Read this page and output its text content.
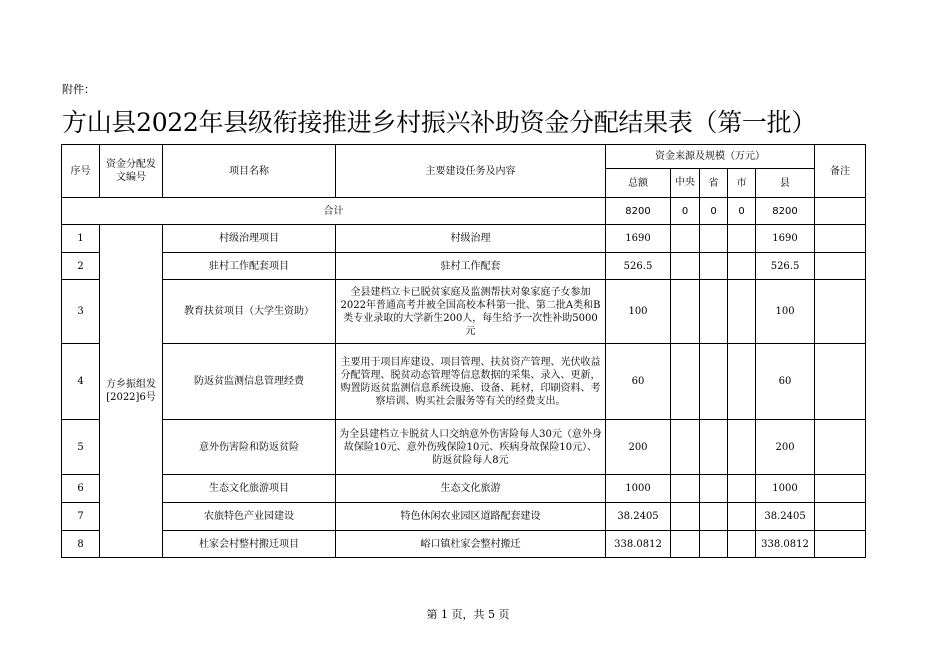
附件：
方山县2022年县级衔接推进乡村振兴补助资金分配结果表（第一批）
序号	资金分配发文编号	项目名称	主要建设任务及内容	资金来源及规模（万元）					备注
				总额	中央	省	市	县	
合计				8200	0	0	0	8200	
1	方乡振组发[2022]6号	村级治理项目	村级治理	1690				1690	
2		驻村工作配套项目	驻村工作配套	526.5				526.5	
3		教育扶贫项目（大学生资助）	全县建档立卡已脱贫家庭及监测帮扶对象家庭子女参加2022年普通高考并被全国高校本科第一批、第二批A类和B类专业录取的大学新生200人，每生给予一次性补助5000元	100				100	
4		防返贫监测信息管理经费	主要用于项目库建设、项目管理、扶贫资产管理、光伏收益分配管理、脱贫动态管理等信息数据的采集、录入、更新，购置防返贫监测信息系统设施、设备、耗材，印刷资料、考察培训、购买社会服务等有关的经费支出。	60				60	
5		意外伤害险和防返贫险	为全县建档立卡脱贫人口交纳意外伤害险每人30元（意外身故保险10元、意外伤残保险10元、疾病身故保险10元）、防返贫险每人8元	200				200	
6		生态文化旅游项目	生态文化旅游	1000				1000	
7		农旅特色产业园建设	特色休闲农业园区道路配套建设	38.2405				38.2405	
8		杜家会村整村搬迁项目	峪口镇杜家会整村搬迁	338.0812				338.0812	
第 1 页，共 5 页
